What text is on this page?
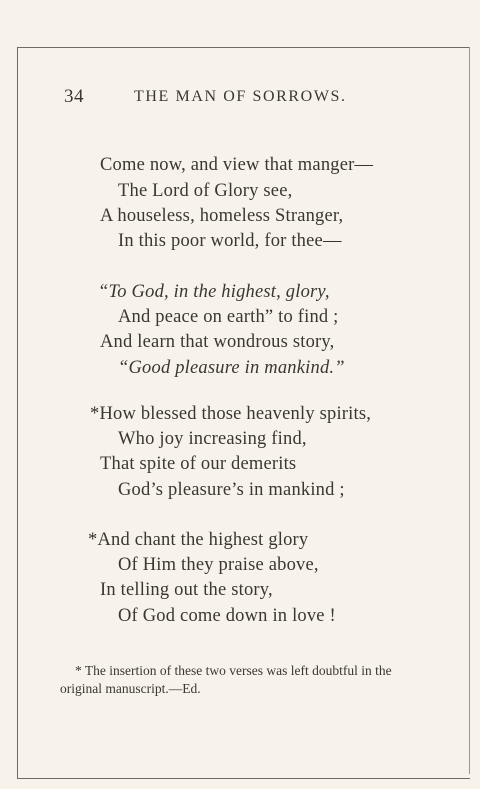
34	THE MAN OF SORROWS.
Come now, and view that manger—
The Lord of Glory see,
A houseless, homeless Stranger,
In this poor world, for thee—
“To God, in the highest, glory,
And peace on earth” to find ;
And learn that wondrous story,
“Good pleasure in mankind.”
*How blessed those heavenly spirits,
Who joy increasing find,
That spite of our demerits
God’s pleasure’s in mankind ;
*And chant the highest glory
Of Him they praise above,
In telling out the story,
Of God come down in love !
* The insertion of these two verses was left doubtful in the
original manuscript.—Ed.
